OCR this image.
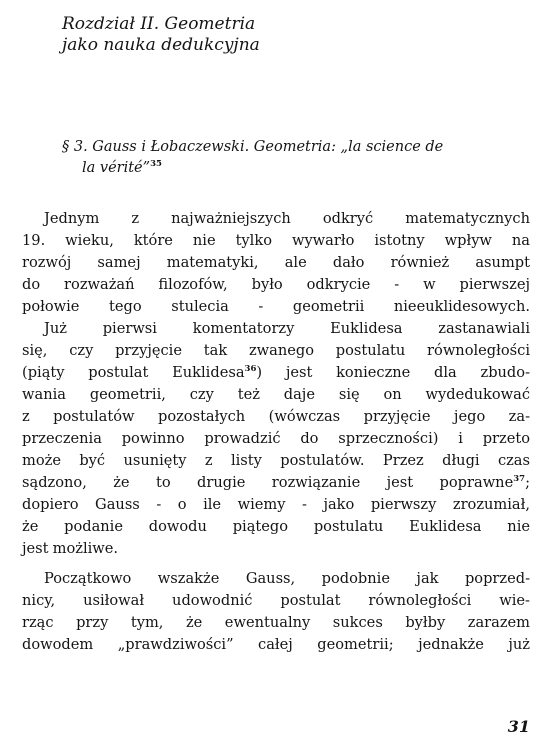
Rozdział II. Geometria
jako nauka dedukcyjna
§ 3. Gauss i Łobaczewski. Geometria: „la science de
la vérité”$^{35}$
Jednym z najważniejszych odkryć matematycznych
19. wieku, które nie tylko wywarło istotny wpływ na
rozwój samej matematyki, ale dało również asumpt
do rozważań filozofów, było odkrycie - w pierwszej
połowie tego stulecia - geometrii nieeuklidesowych.
Już pierwsi komentatorzy Euklidesa zastanawiali
się, czy przyjęcie tak zwanego postulatu równoległości
(piąty postulat Euklidesa$^{36}$) jest konieczne dla zbudo-
wania geometrii, czy też daje się on wydedukować
z postulatów pozostałych (wówczas przyjęcie jego za-
przeczenia powinno prowadzić do sprzeczności) i przeto
może być usunięty z listy postulatów. Przez długi czas
sądzono, że to drugie rozwiązanie jest poprawne$^{37}$;
dopiero Gauss - o ile wiemy - jako pierwszy zrozumiał,
że podanie dowodu piątego postulatu Euklidesa nie
jest możliwe.
Początkowo wszakże Gauss, podobnie jak poprzed-
nicy, usiłował udowodnić postulat równoległości wie-
rząc przy tym, że ewentualny sukces byłby zarazem
dowodem „prawdziwości” całej geometrii; jednakże już
31
